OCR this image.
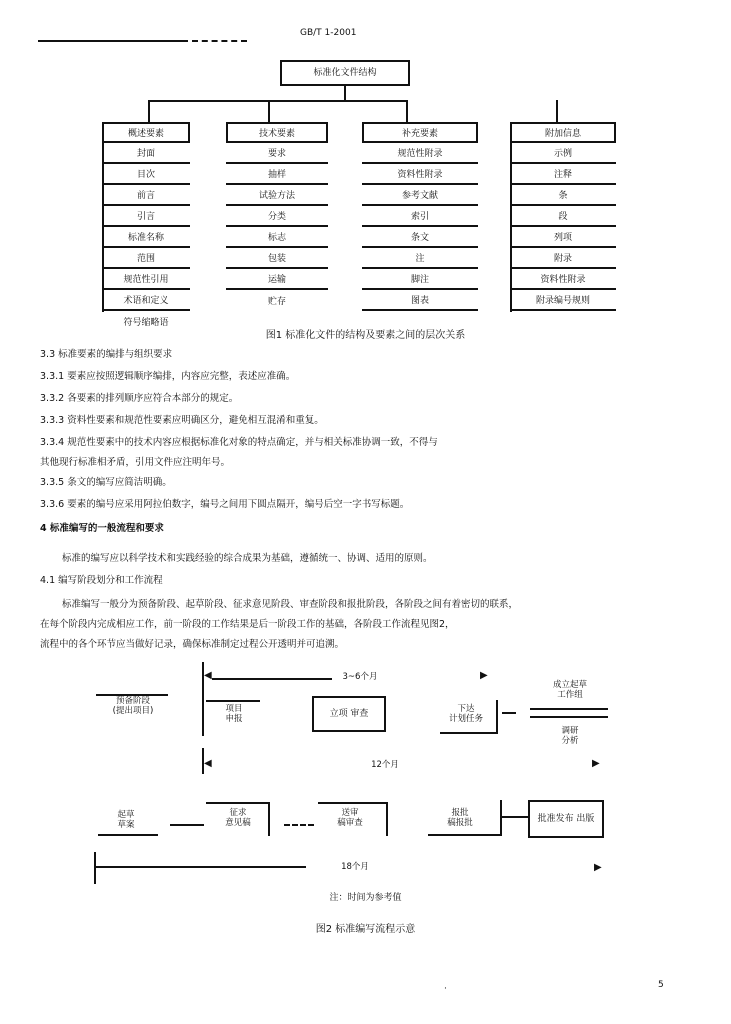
GB/T 1-2001
标准化文件结构
概述要素
封面
目次
前言
引言
标准名称
范围
规范性引用
术语和定义
符号缩略语
技术要素
要求
抽样
试验方法
分类
标志
包装
运输
贮存
补充要素
规范性附录
资料性附录
参考文献
索引
条文
注
脚注
图表
附加信息
示例
注释
条
段
列项
附录
资料性附录
附录编号规则
图1 标准化文件的结构及要素之间的层次关系
3.3 标准要素的编排与组织要求
3.3.1 要素应按照逻辑顺序编排，内容应完整，表述应准确。
3.3.2 各要素的排列顺序应符合本部分的规定。
3.3.3 资料性要素和规范性要素应明确区分，避免相互混淆和重复。
3.3.4 规范性要素中的技术内容应根据标准化对象的特点确定，并与相关标准协调一致，不得与
其他现行标准相矛盾，引用文件应注明年号。
3.3.5 条文的编写应简洁明确。
3.3.6 要素的编号应采用阿拉伯数字，编号之间用下圆点隔开，编号后空一字书写标题。
4 标准编写的一般流程和要求
标准的编写应以科学技术和实践经验的综合成果为基础，遵循统一、协调、适用的原则。
4.1 编写阶段划分和工作流程
标准编写一般分为预备阶段、起草阶段、征求意见阶段、审查阶段和报批阶段，各阶段之间有着密切的联系，
在每个阶段内完成相应工作，前一阶段的工作结果是后一阶段工作的基础，各阶段工作流程见图2，
流程中的各个环节应当做好记录，确保标准制定过程公开透明并可追溯。
预备阶段
(提出项目)
◀	3~6个月	▶
项目
申报	立项 审查	下达
计划任务
成立起草
工作组
调研
分析
◀	12个月	▶
起草
草案
征求
意见稿
送审
稿审查
报批
稿报批	批准发布 出版
18个月	▶
注：时间为参考值
图2 标准编写流程示意
·	5
